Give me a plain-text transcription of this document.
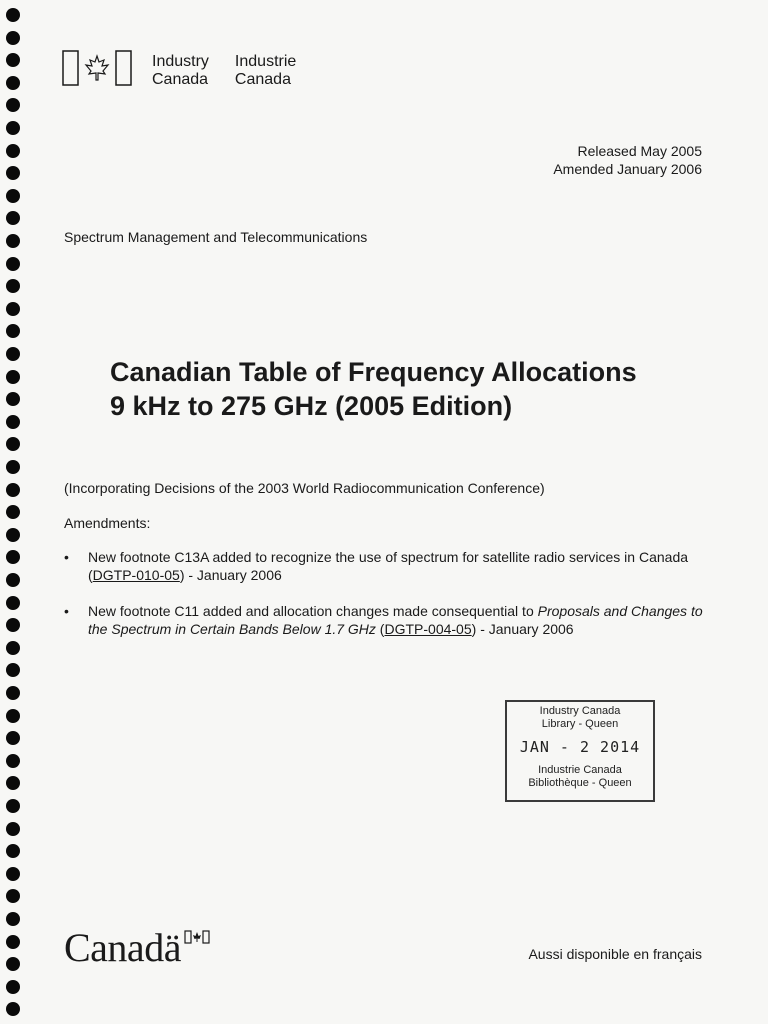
Industry
Canada
Industrie
Canada
Released May 2005
Amended January 2006
Spectrum Management and Telecommunications
Canadian Table of Frequency Allocations
9 kHz to 275 GHz (2005 Edition)
(Incorporating Decisions of the 2003 World Radiocommunication Conference)
Amendments:
• New footnote C13A added to recognize the use of spectrum for satellite radio services in Canada (DGTP-010-05) - January 2006
• New footnote C11 added and allocation changes made consequential to Proposals and Changes to the Spectrum in Certain Bands Below 1.7 GHz (DGTP-004-05) - January 2006
Industry Canada
Library - Queen
JAN - 2 2014
Industrie Canada
Bibliothèque - Queen
Canadä	Aussi disponible en français
